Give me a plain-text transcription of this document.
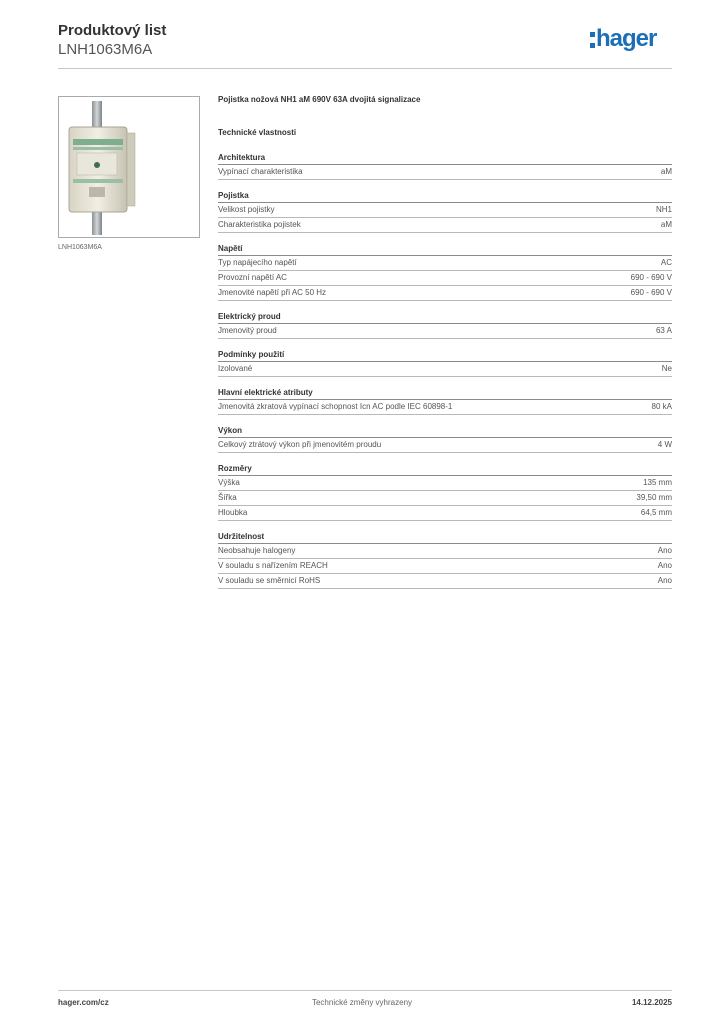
Produktový list
LNH1063M6A	hager
LNH1063M6A
Pojistka nožová NH1 aM 690V 63A dvojitá signalizace
Technické vlastnosti
Architektura
Vypínací charakteristika	aM
Pojistka
Velikost pojistky	NH1
Charakteristika pojistek	aM
Napětí
Typ napájecího napětí	AC
Provozní napětí AC	690 - 690 V
Jmenovité napětí při AC 50 Hz	690 - 690 V
Elektrický proud
Jmenovitý proud	63 A
Podmínky použití
Izolované	Ne
Hlavní elektrické atributy
Jmenovitá zkratová vypínací schopnost Icn AC podle IEC 60898-1	80 kA
Výkon
Celkový ztrátový výkon při jmenovitém proudu	4 W
Rozměry
Výška	135 mm
Šířka	39,50 mm
Hloubka	64,5 mm
Udržitelnost
Neobsahuje halogeny	Ano
V souladu s nařízením REACH	Ano
V souladu se směrnicí RoHS	Ano
hager.com/cz	Technické změny vyhrazeny	14.12.2025
